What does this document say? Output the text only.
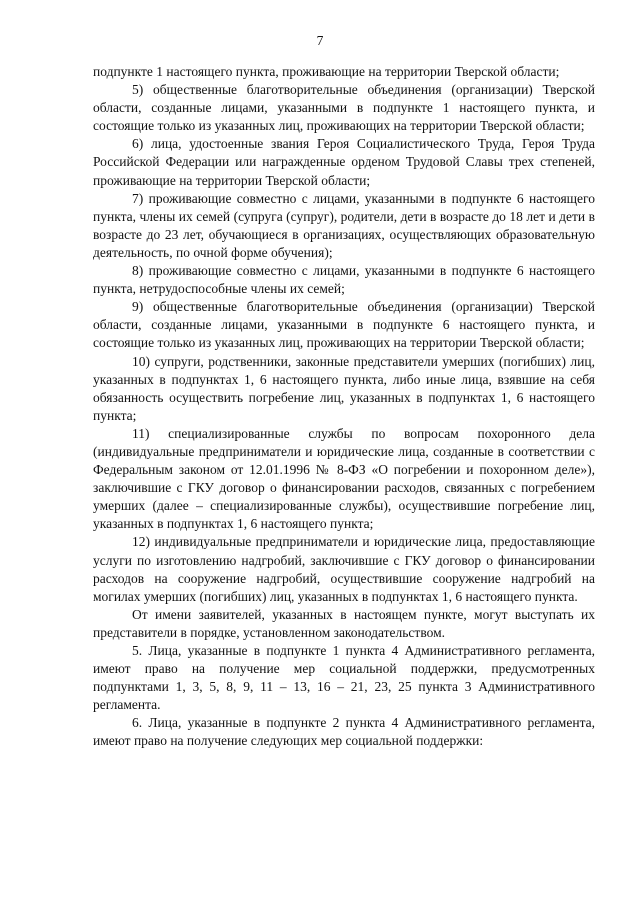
7

подпункте 1 настоящего пункта, проживающие на территории Тверской области;

5) общественные благотворительные объединения (организации) Тверской области, созданные лицами, указанными в подпункте 1 настоящего пункта, и состоящие только из указанных лиц, проживающих на территории Тверской области;

6) лица, удостоенные звания Героя Социалистического Труда, Героя Труда Российской Федерации или награжденные орденом Трудовой Славы трех степеней, проживающие на территории Тверской области;

7) проживающие совместно с лицами, указанными в подпункте 6 настоящего пункта, члены их семей (супруга (супруг), родители, дети в возрасте до 18 лет и дети в возрасте до 23 лет, обучающиеся в организациях, осуществляющих образовательную деятельность, по очной форме обучения);

8) проживающие совместно с лицами, указанными в подпункте 6 настоящего пункта, нетрудоспособные члены их семей;

9) общественные благотворительные объединения (организации) Тверской области, созданные лицами, указанными в подпункте 6 настоящего пункта, и состоящие только из указанных лиц, проживающих на территории Тверской области;

10) супруги, родственники, законные представители умерших (погибших) лиц, указанных в подпунктах 1, 6 настоящего пункта, либо иные лица, взявшие на себя обязанность осуществить погребение лиц, указанных в подпунктах 1, 6 настоящего пункта;

11) специализированные службы по вопросам похоронного дела (индивидуальные предприниматели и юридические лица, созданные в соответствии с Федеральным законом от 12.01.1996 № 8-ФЗ «О погребении и похоронном деле»), заключившие с ГКУ договор о финансировании расходов, связанных с погребением умерших (далее – специализированные службы), осуществившие погребение лиц, указанных в подпунктах 1, 6 настоящего пункта;

12) индивидуальные предприниматели и юридические лица, предоставляющие услуги по изготовлению надгробий, заключившие с ГКУ договор о финансировании расходов на сооружение надгробий, осуществившие сооружение надгробий на могилах умерших (погибших) лиц, указанных в подпунктах 1, 6 настоящего пункта.

От имени заявителей, указанных в настоящем пункте, могут выступать их представители в порядке, установленном законодательством.

5. Лица, указанные в подпункте 1 пункта 4 Административного регламента, имеют право на получение мер социальной поддержки, предусмотренных подпунктами 1, 3, 5, 8, 9, 11 – 13, 16 – 21, 23, 25 пункта 3 Административного регламента.

6. Лица, указанные в подпункте 2 пункта 4 Административного регламента, имеют право на получение следующих мер социальной поддержки:
